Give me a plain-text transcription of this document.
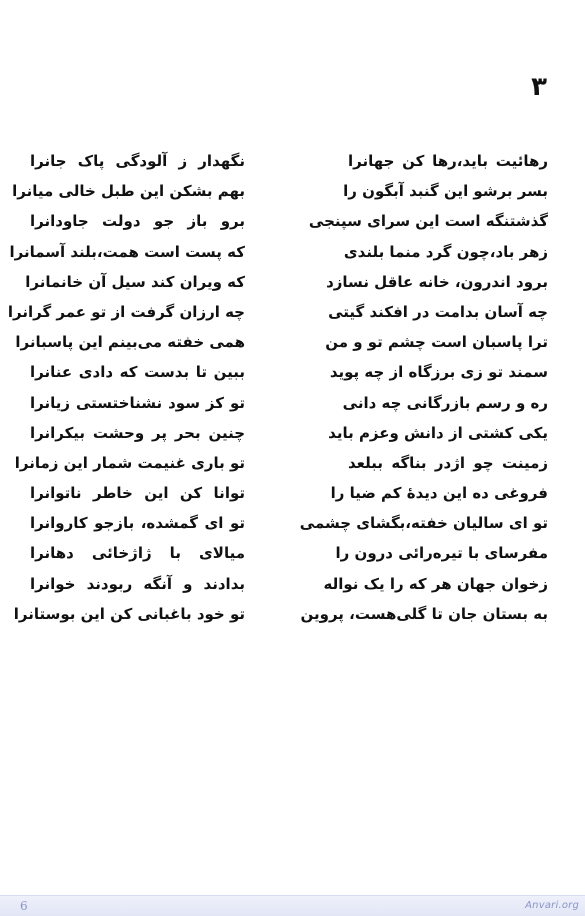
۳
رهائیت باید،رها کن جهانرا
نگهدار ز آلودگی پاک جانرا
بسر برشو این گنبد آبگون را
بهم بشکن این طبل خالی میانرا
گذشتنگه است این سرای سپنجی
برو باز جو دولت جاودانرا
زهر باد،چون گرد منما بلندی
که پست است همت،بلند آسمانرا
برود اندرون، خانه عاقل نسازد
که ویران کند سیل آن خانمانرا
چه آسان بدامت در افکند گیتی
چه ارزان گرفت از تو عمر گرانرا
ترا پاسبان است چشم تو و من
همی خفته می‌بینم این پاسبانرا
سمند تو زی برزگاه از چه پوید
ببین تا بدست که دادی عنانرا
ره و رسم بازرگانی چه دانی
تو کز سود نشناختستی زیانرا
یکی کشتی از دانش وعزم باید
چنین بحر پر وحشت بیکرانرا
زمینت چو اژدر بناگه ببلعد
تو باری غنیمت شمار این زمانرا
فروغی ده این دیدهٔ کم ضیا را
توانا کن این خاطر ناتوانرا
تو ای سالیان خفته،بگشای چشمی
تو ای گمشده، بازجو کاروانرا
مفرسای با تیره‌رائی درون را
میالای با ژاژخائی دهانرا
زخوان جهان هر که را یک نواله
بدادند و آنگه ربودند خوانرا
به بستان جان تا گلی‌هست، پروین
تو خود باغبانی کن این بوستانرا
6	Anvari.org
